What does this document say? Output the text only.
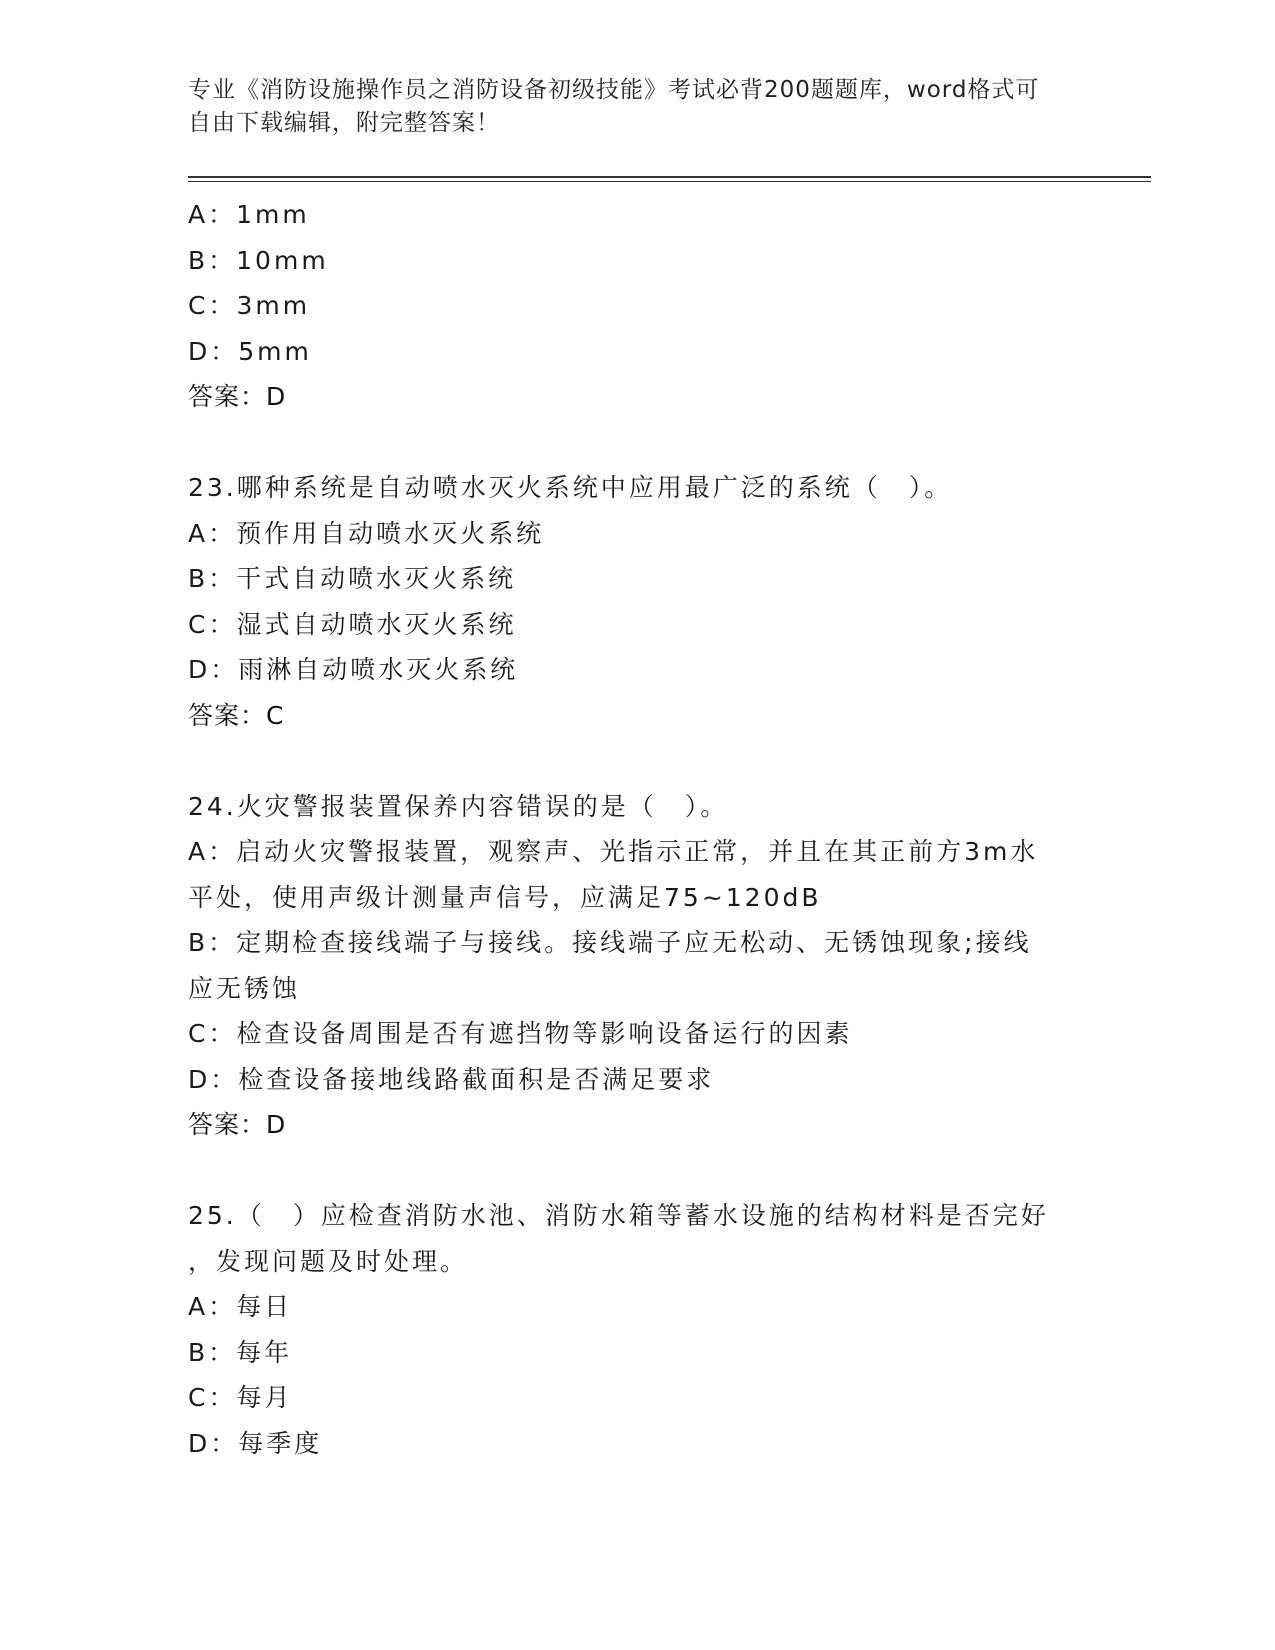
专业《消防设施操作员之消防设备初级技能》考试必背200题题库，word格式可
自由下载编辑，附完整答案！
A：1mm
B：10mm
C：3mm
D：5mm
答案：D
23.哪种系统是自动喷水灭火系统中应用最广泛的系统（　）。
A：预作用自动喷水灭火系统
B：干式自动喷水灭火系统
C：湿式自动喷水灭火系统
D：雨淋自动喷水灭火系统
答案：C
24.火灾警报装置保养内容错误的是（　）。
A：启动火灾警报装置，观察声、光指示正常，并且在其正前方3m水
平处，使用声级计测量声信号，应满足75~120dB
B：定期检查接线端子与接线。接线端子应无松动、无锈蚀现象;接线
应无锈蚀
C：检查设备周围是否有遮挡物等影响设备运行的因素
D：检查设备接地线路截面积是否满足要求
答案：D
25.（　）应检查消防水池、消防水箱等蓄水设施的结构材料是否完好
，发现问题及时处理。
A：每日
B：每年
C：每月
D：每季度
